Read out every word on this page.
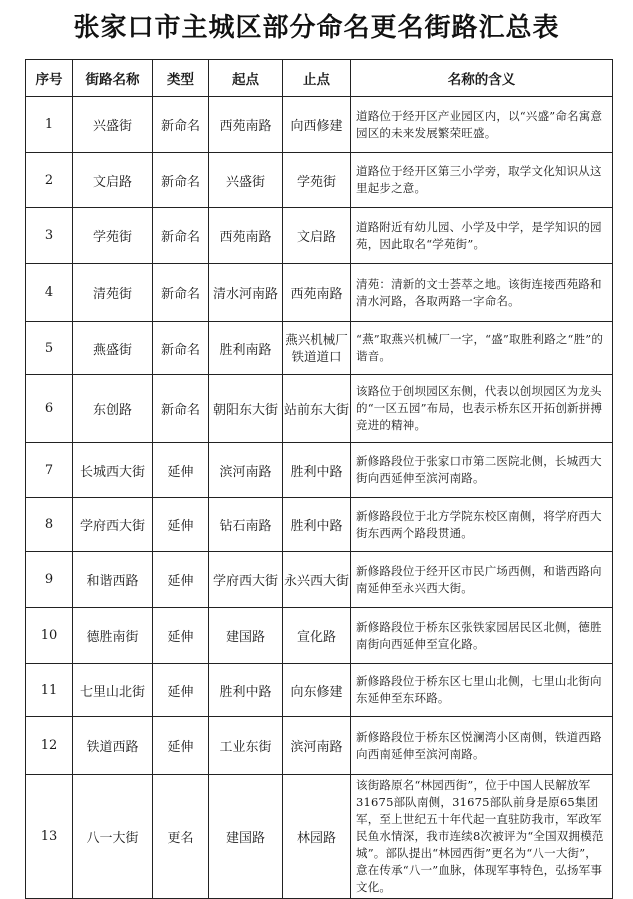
张家口市主城区部分命名更名街路汇总表
序号	街路名称	类型	起点	止点	名称的含义
1	兴盛街	新命名	西苑南路	向西修建	道路位于经开区产业园区内，以“兴盛”命名寓意园区的未来发展繁荣旺盛。
2	文启路	新命名	兴盛街	学苑街	道路位于经开区第三小学旁，取学文化知识从这里起步之意。
3	学苑街	新命名	西苑南路	文启路	道路附近有幼儿园、小学及中学，是学知识的园苑，因此取名“学苑街”。
4	清苑街	新命名	清水河南路	西苑南路	清苑：清新的文士荟萃之地。该街连接西苑路和清水河路，各取两路一字命名。
5	燕盛街	新命名	胜利南路	燕兴机械厂铁道道口	“燕”取燕兴机械厂一字，“盛”取胜利路之“胜”的谐音。
6	东创路	新命名	朝阳东大街	站前东大街	该路位于创坝园区东侧，代表以创坝园区为龙头的“一区五园”布局，也表示桥东区开拓创新拼搏竞进的精神。
7	长城西大街	延伸	滨河南路	胜利中路	新修路段位于张家口市第二医院北侧，长城西大街向西延伸至滨河南路。
8	学府西大街	延伸	钻石南路	胜利中路	新修路段位于北方学院东校区南侧，将学府西大街东西两个路段贯通。
9	和谐西路	延伸	学府西大街	永兴西大街	新修路段位于经开区市民广场西侧，和谐西路向南延伸至永兴西大街。
10	德胜南街	延伸	建国路	宣化路	新修路段位于桥东区张铁家园居民区北侧，德胜南街向西延伸至宣化路。
11	七里山北街	延伸	胜利中路	向东修建	新修路段位于桥东区七里山北侧，七里山北街向东延伸至东环路。
12	铁道西路	延伸	工业东街	滨河南路	新修路段位于桥东区悦澜湾小区南侧，铁道西路向西南延伸至滨河南路。
13	八一大街	更名	建国路	林园路	该街路原名“林园西街”，位于中国人民解放军31675部队南侧，31675部队前身是原65集团军，至上世纪五十年代起一直驻防我市，军政军民鱼水情深，我市连续8次被评为“全国双拥模范城”。部队提出“林园西街”更名为“八一大街”，意在传承“八一”血脉，体现军事特色，弘扬军事文化。
